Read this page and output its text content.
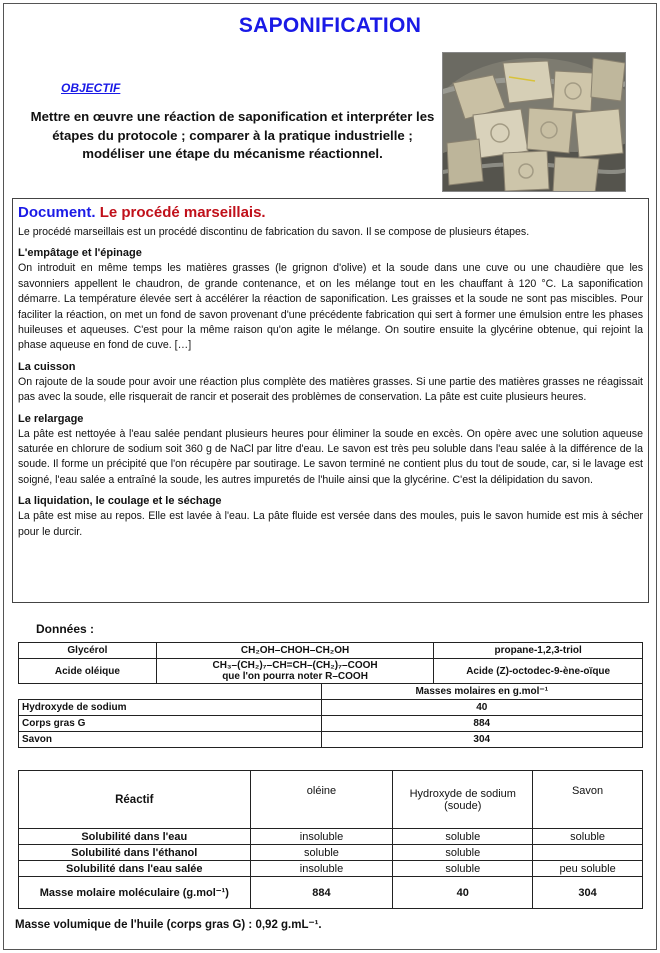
SAPONIFICATION
OBJECTIF
Mettre en œuvre une réaction de saponification et interpréter les étapes du protocole ; comparer à la pratique industrielle ; modéliser une étape du mécanisme réactionnel.
Document. Le procédé marseillais.

Le procédé marseillais est un procédé discontinu de fabrication du savon. Il se compose de plusieurs étapes.

L'empâtage et l'épinage

On introduit en même temps les matières grasses (le grignon d'olive) et la soude dans une cuve ou une chaudière que les savonniers appellent le chaudron, de grande contenance, et on les mélange tout en les chauffant à 120 °C. La saponification démarre. La température élevée sert à accélérer la réaction de saponification. Les graisses et la soude ne sont pas miscibles. Pour faciliter la réaction, on met un fond de savon provenant d'une précédente fabrication qui sert à former une émulsion entre les phases huileuses et aqueuses. C'est pour la même raison qu'on agite le mélange. On soutire ensuite la glycérine obtenue, qui rejoint la phase aqueuse en fond de cuve. […]

La cuisson

On rajoute de la soude pour avoir une réaction plus complète des matières grasses. Si une partie des matières grasses ne réagissait pas avec la soude, elle risquerait de rancir et poserait des problèmes de conservation. La pâte est cuite plusieurs heures.

Le relargage

La pâte est nettoyée à l'eau salée pendant plusieurs heures pour éliminer la soude en excès. On opère avec une solution aqueuse saturée en chlorure de sodium soit 360 g de NaCl par litre d'eau. Le savon est très peu soluble dans l'eau salée à la différence de la soude. Il forme un précipité que l'on récupère par soutirage. Le savon terminé ne contient plus du tout de soude, car, si le lavage est soigné, l'eau salée a entraîné la soude, les autres impuretés de l'huile ainsi que la glycérine. C'est la délipidation du savon.

La liquidation, le coulage et le séchage

La pâte est mise au repos. Elle est lavée à l'eau. La pâte fluide est versée dans des moules, puis le savon humide est mis à sécher pour le durcir.

Données :
Glycérol	CH₂OH–CHOH–CH₂OH		propane-1,2,3-triol
Acide oléique	CH₃–(CH₂)₇–CH=CH–(CH₂)₇–COOH
que l'on pourra noter R–COOH		Acide (Z)-octodec-9-ène-oïque
		Masses molaires en g.mol⁻¹	
Hydroxyde de sodium		40	
Corps gras G		884	
Savon		304	
Réactif	oléine	Hydroxyde de sodium (soude)	Savon
Solubilité dans l'eau	insoluble	soluble	soluble
Solubilité dans l'éthanol	soluble	soluble	
Solubilité dans l'eau salée	insoluble	soluble	peu soluble
Masse molaire moléculaire (g.mol⁻¹)	884	40	304
Masse volumique de l'huile (corps gras G) : 0,92 g.mL⁻¹.
